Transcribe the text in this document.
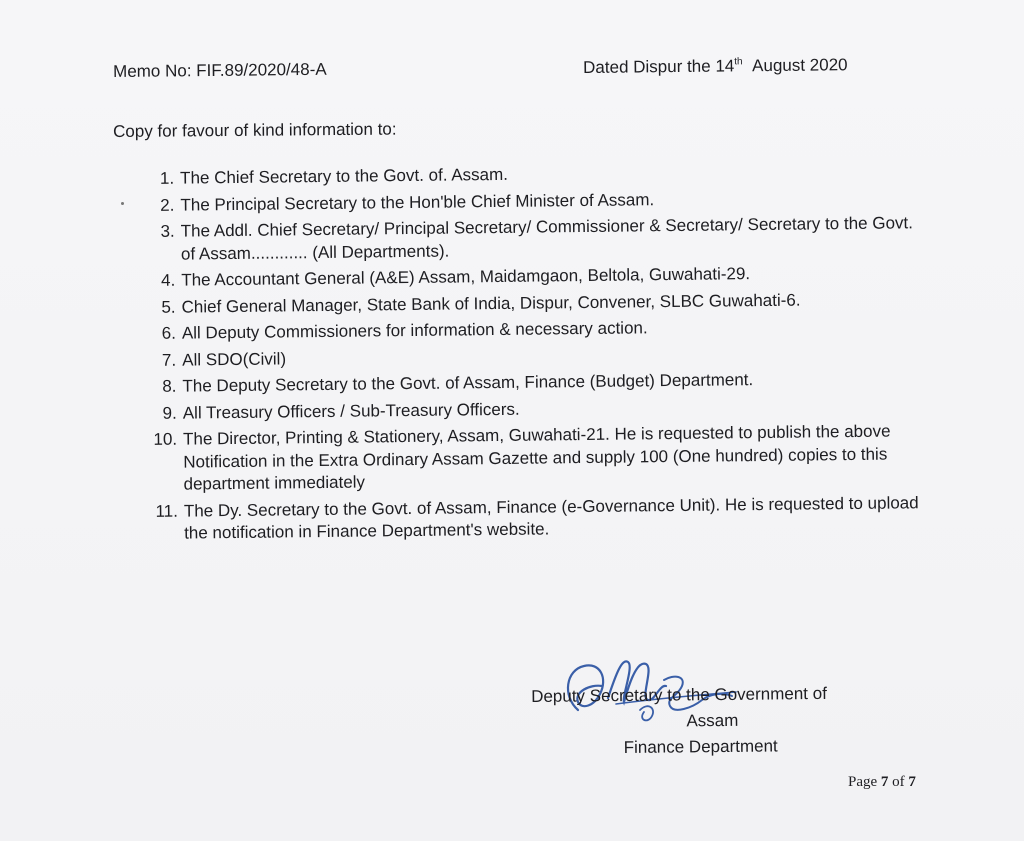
Memo No: FIF.89/2020/48-A	Dated Dispur the 14th August 2020
Copy for favour of kind information to:
1. The Chief Secretary to the Govt. of. Assam.
2. The Principal Secretary to the Hon'ble Chief Minister of Assam.
3. The Addl. Chief Secretary/ Principal Secretary/ Commissioner & Secretary/ Secretary to the Govt. of Assam............ (All Departments).
4. The Accountant General (A&E) Assam, Maidamgaon, Beltola, Guwahati-29.
5. Chief General Manager, State Bank of India, Dispur, Convener, SLBC Guwahati-6.
6. All Deputy Commissioners for information & necessary action.
7. All SDO(Civil)
8. The Deputy Secretary to the Govt. of Assam, Finance (Budget) Department.
9. All Treasury Officers / Sub-Treasury Officers.
10. The Director, Printing & Stationery, Assam, Guwahati-21. He is requested to publish the above Notification in the Extra Ordinary Assam Gazette and supply 100 (One hundred) copies to this department immediately
11. The Dy. Secretary to the Govt. of Assam, Finance (e-Governance Unit). He is requested to upload the notification in Finance Department's website.
Deputy Secretary to the Government of
Assam
Finance Department
Page 7 of 7
